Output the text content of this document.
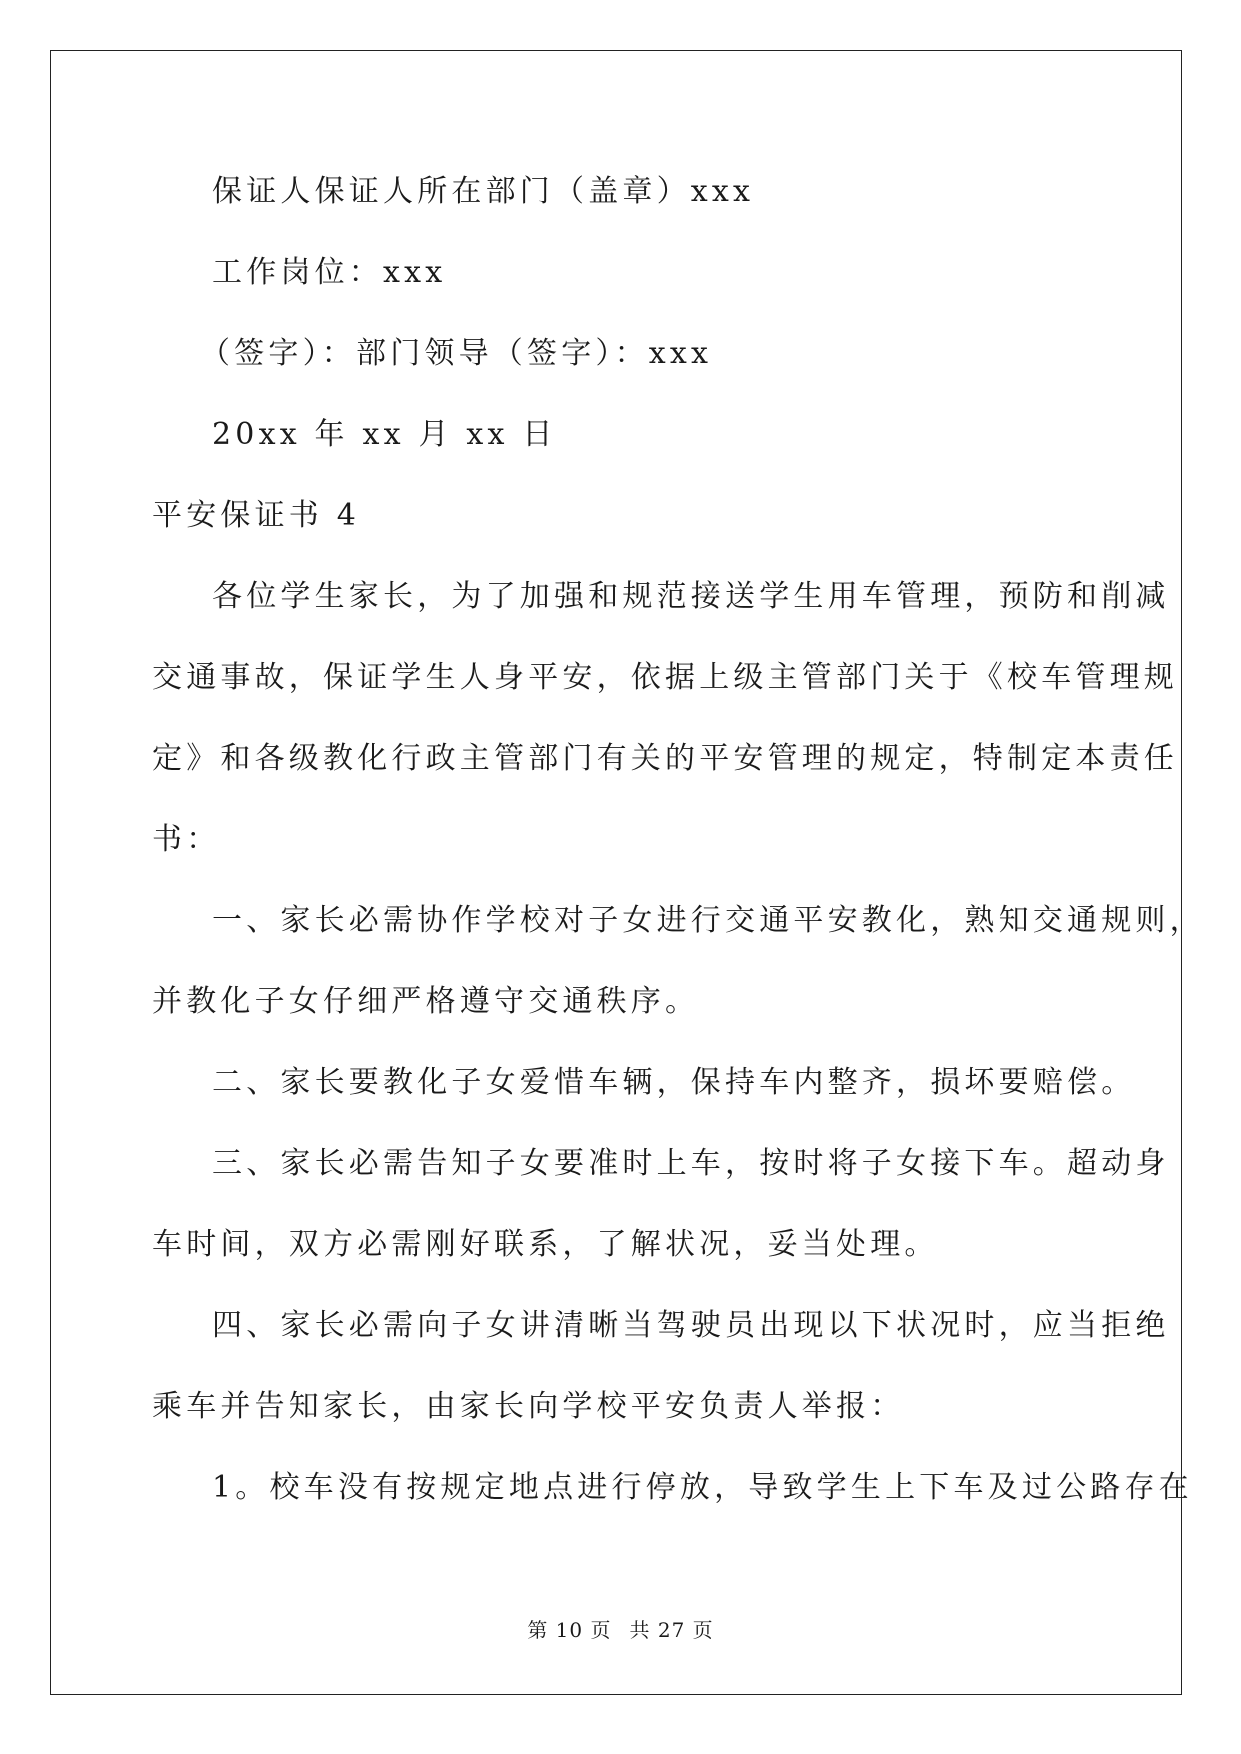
保证人保证人所在部门（盖章）xxx
工作岗位：xxx
（签字）：部门领导（签字）：xxx
20xx 年 xx 月 xx 日
平安保证书 4
各位学生家长，为了加强和规范接送学生用车管理，预防和削减
交通事故，保证学生人身平安，依据上级主管部门关于《校车管理规
定》和各级教化行政主管部门有关的平安管理的规定，特制定本责任
书：
一、家长必需协作学校对子女进行交通平安教化，熟知交通规则，
并教化子女仔细严格遵守交通秩序。
二、家长要教化子女爱惜车辆，保持车内整齐，损坏要赔偿。
三、家长必需告知子女要准时上车，按时将子女接下车。超动身
车时间，双方必需刚好联系，了解状况，妥当处理。
四、家长必需向子女讲清晰当驾驶员出现以下状况时，应当拒绝
乘车并告知家长，由家长向学校平安负责人举报：
1。校车没有按规定地点进行停放，导致学生上下车及过公路存在
第 10 页 共 27 页
